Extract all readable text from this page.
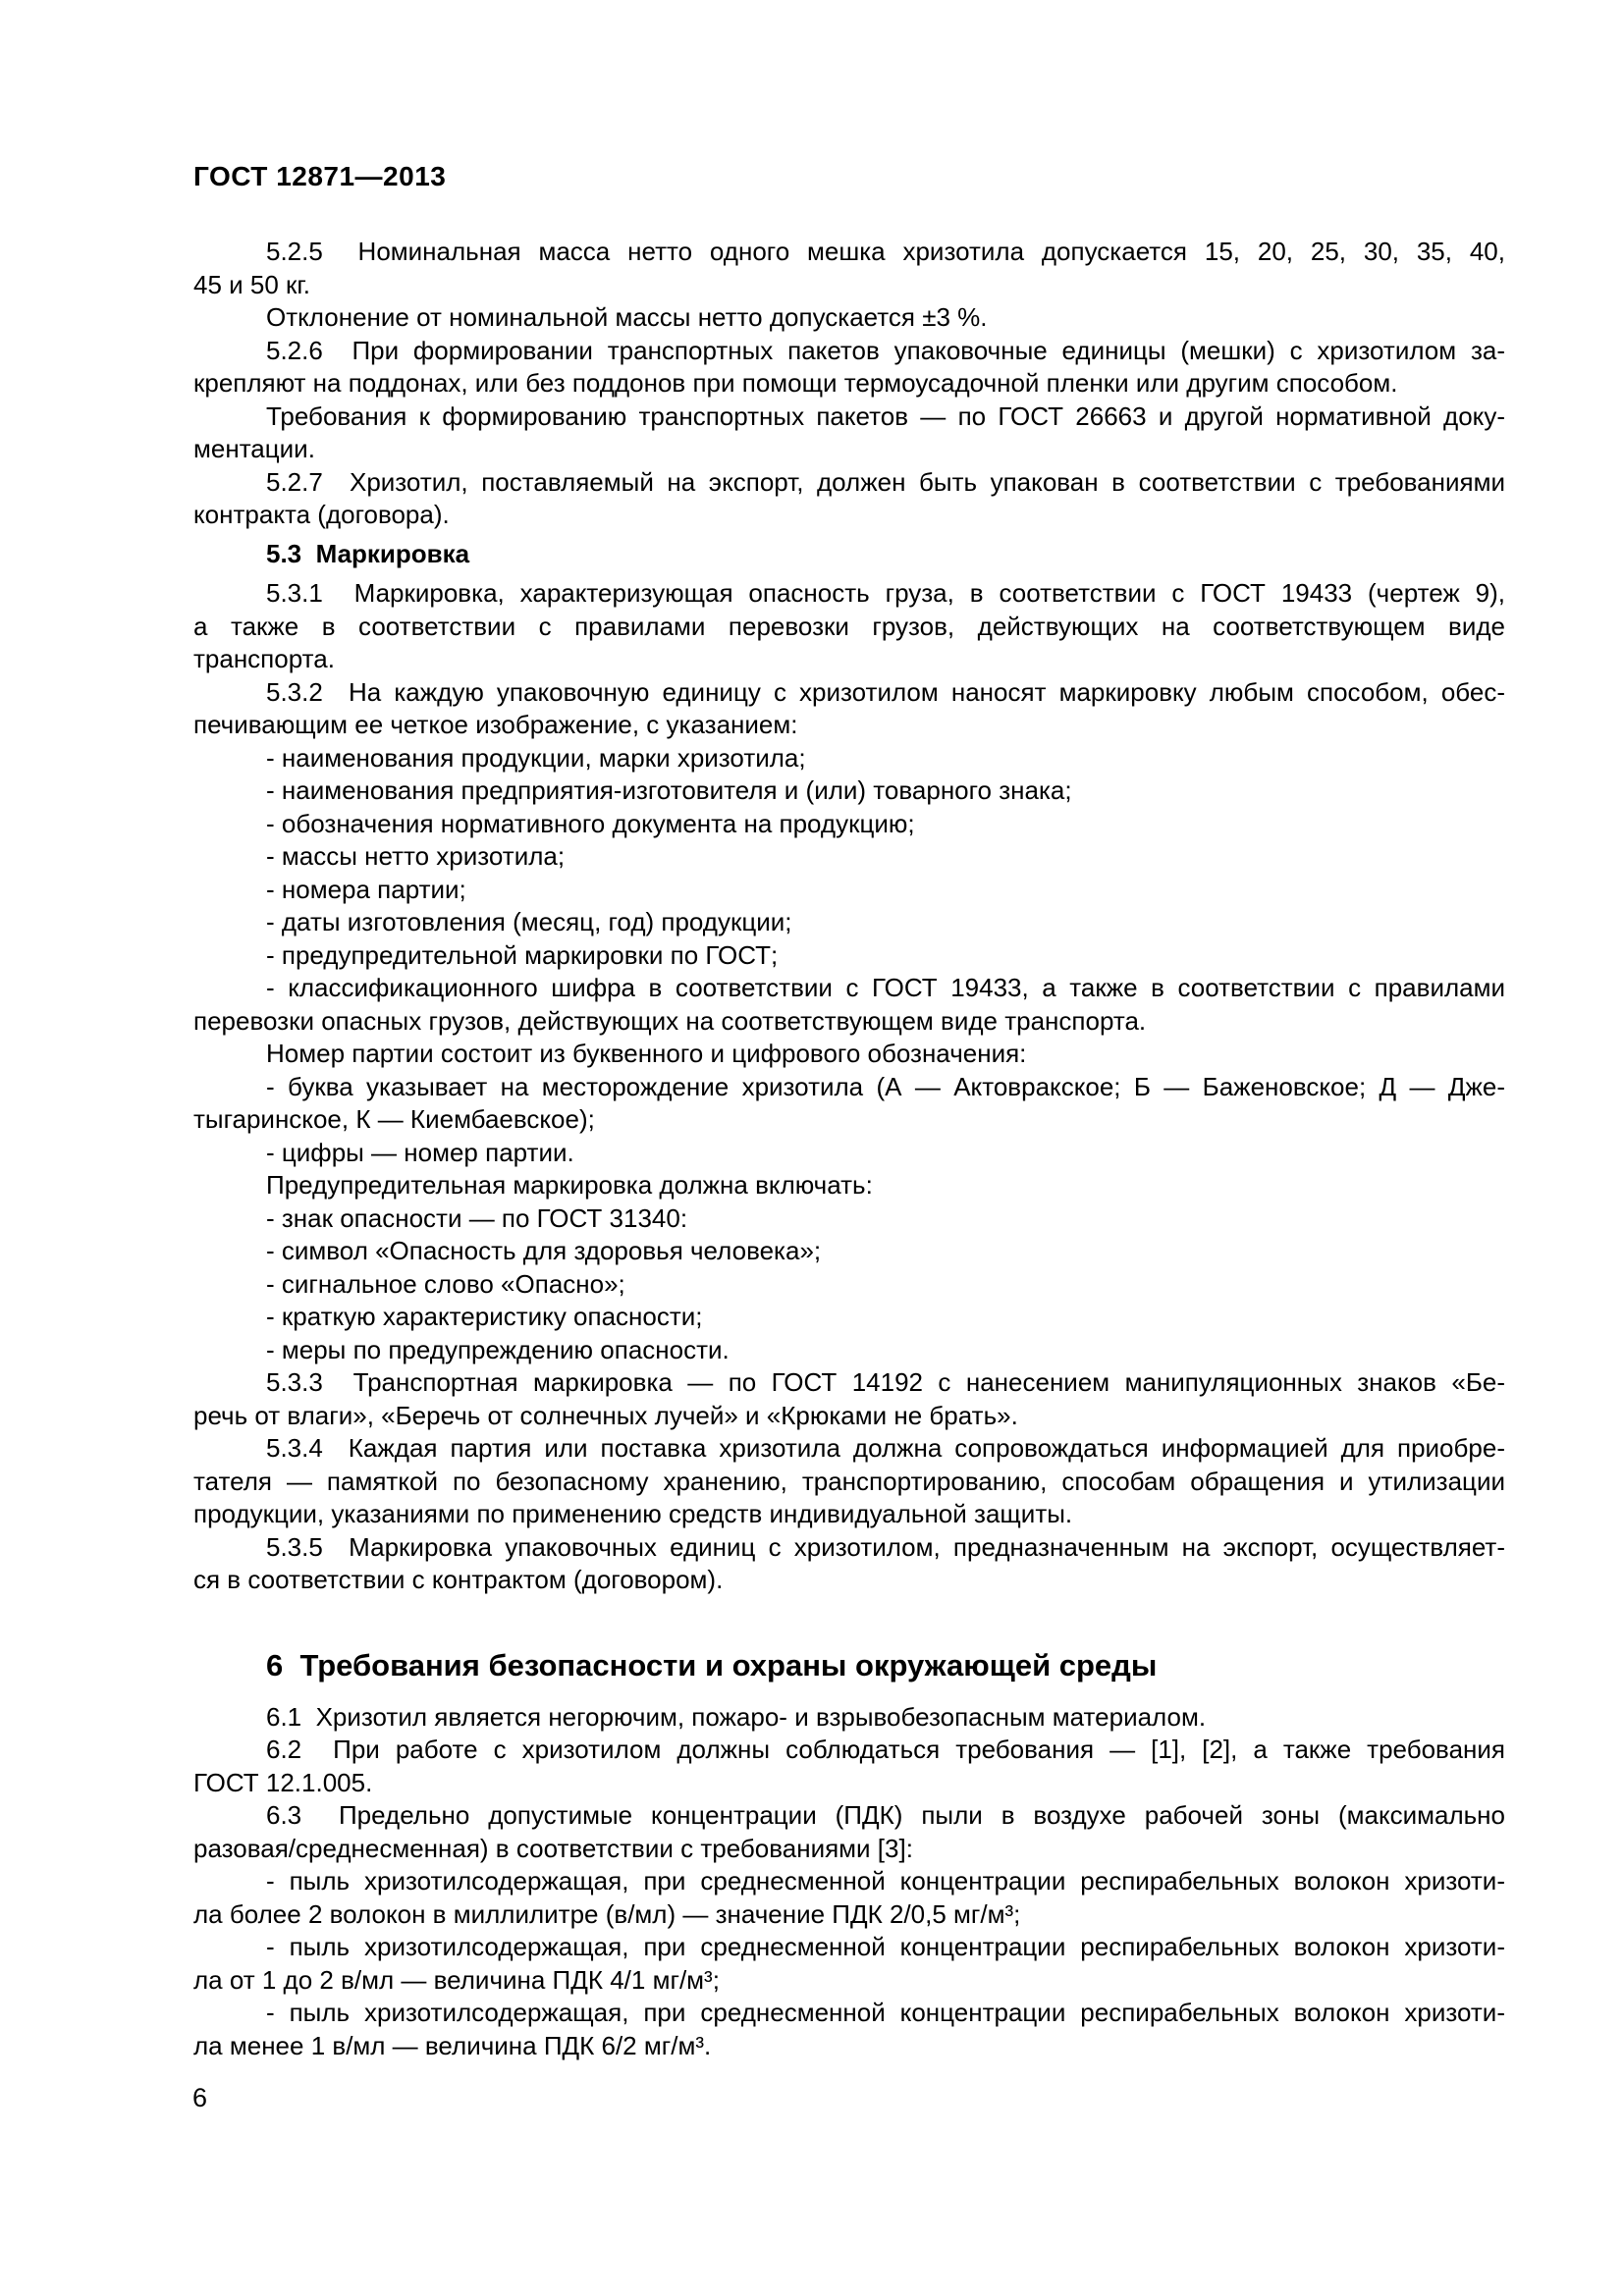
ГОСТ 12871—2013

5.2.5  Номинальная масса нетто одного мешка хризотила допускается 15, 20, 25, 30, 35, 40,
45 и 50 кг.

Отклонение от номинальной массы нетто допускается ±3 %.

5.2.6  При формировании транспортных пакетов упаковочные единицы (мешки) с хризотилом за-
крепляют на поддонах, или без поддонов при помощи термоусадочной пленки или другим способом.

Требования к формированию транспортных пакетов — по ГОСТ 26663 и другой нормативной доку-
ментации.

5.2.7  Хризотил, поставляемый на экспорт, должен быть упакован в соответствии с требованиями
контракта (договора).

5.3  Маркировка

5.3.1  Маркировка, характеризующая опасность груза, в соответствии с ГОСТ 19433 (чертеж 9),
а также в соответствии с правилами перевозки грузов, действующих на соответствующем виде
транспорта.

5.3.2  На каждую упаковочную единицу с хризотилом наносят маркировку любым способом, обес-
печивающим ее четкое изображение, с указанием:

- наименования продукции, марки хризотила;

- наименования предприятия-изготовителя и (или) товарного знака;

- обозначения нормативного документа на продукцию;

- массы нетто хризотила;

- номера партии;

- даты изготовления (месяц, год) продукции;

- предупредительной маркировки по ГОСТ;

- классификационного шифра в соответствии с ГОСТ 19433, а также в соответствии с правилами
перевозки опасных грузов, действующих на соответствующем виде транспорта.

Номер партии состоит из буквенного и цифрового обозначения:

- буква указывает на месторождение хризотила (А — Актовракское; Б — Баженовское; Д — Дже-
тыгаринское, К — Киембаевское);

- цифры — номер партии.

Предупредительная маркировка должна включать:

- знак опасности — по ГОСТ 31340:

- символ «Опасность для здоровья человека»;

- сигнальное слово «Опасно»;

- краткую характеристику опасности;

- меры по предупреждению опасности.

5.3.3  Транспортная маркировка — по ГОСТ 14192 с нанесением манипуляционных знаков «Бе-
речь от влаги», «Беречь от солнечных лучей» и «Крюками не брать».

5.3.4  Каждая партия или поставка хризотила должна сопровождаться информацией для приобре-
тателя — памяткой по безопасному хранению, транспортированию, способам обращения и утилизации
продукции, указаниями по применению средств индивидуальной защиты.

5.3.5  Маркировка упаковочных единиц с хризотилом, предназначенным на экспорт, осуществляет-
ся в соответствии с контрактом (договором).

6  Требования безопасности и охраны окружающей среды

6.1  Хризотил является негорючим, пожаро- и взрывобезопасным материалом.

6.2  При работе с хризотилом должны соблюдаться требования — [1], [2], а также требования
ГОСТ 12.1.005.

6.3  Предельно допустимые концентрации (ПДК) пыли в воздухе рабочей зоны (максимально
разовая/среднесменная) в соответствии с требованиями [3]:

- пыль хризотилсодержащая, при среднесменной концентрации респирабельных волокон хризоти-
ла более 2 волокон в миллилитре (в/мл) — значение ПДК 2/0,5 мг/м³;

- пыль хризотилсодержащая, при среднесменной концентрации респирабельных волокон хризоти-
ла от 1 до 2 в/мл — величина ПДК 4/1 мг/м³;

- пыль хризотилсодержащая, при среднесменной концентрации респирабельных волокон хризоти-
ла менее 1 в/мл — величина ПДК 6/2 мг/м³.

6
